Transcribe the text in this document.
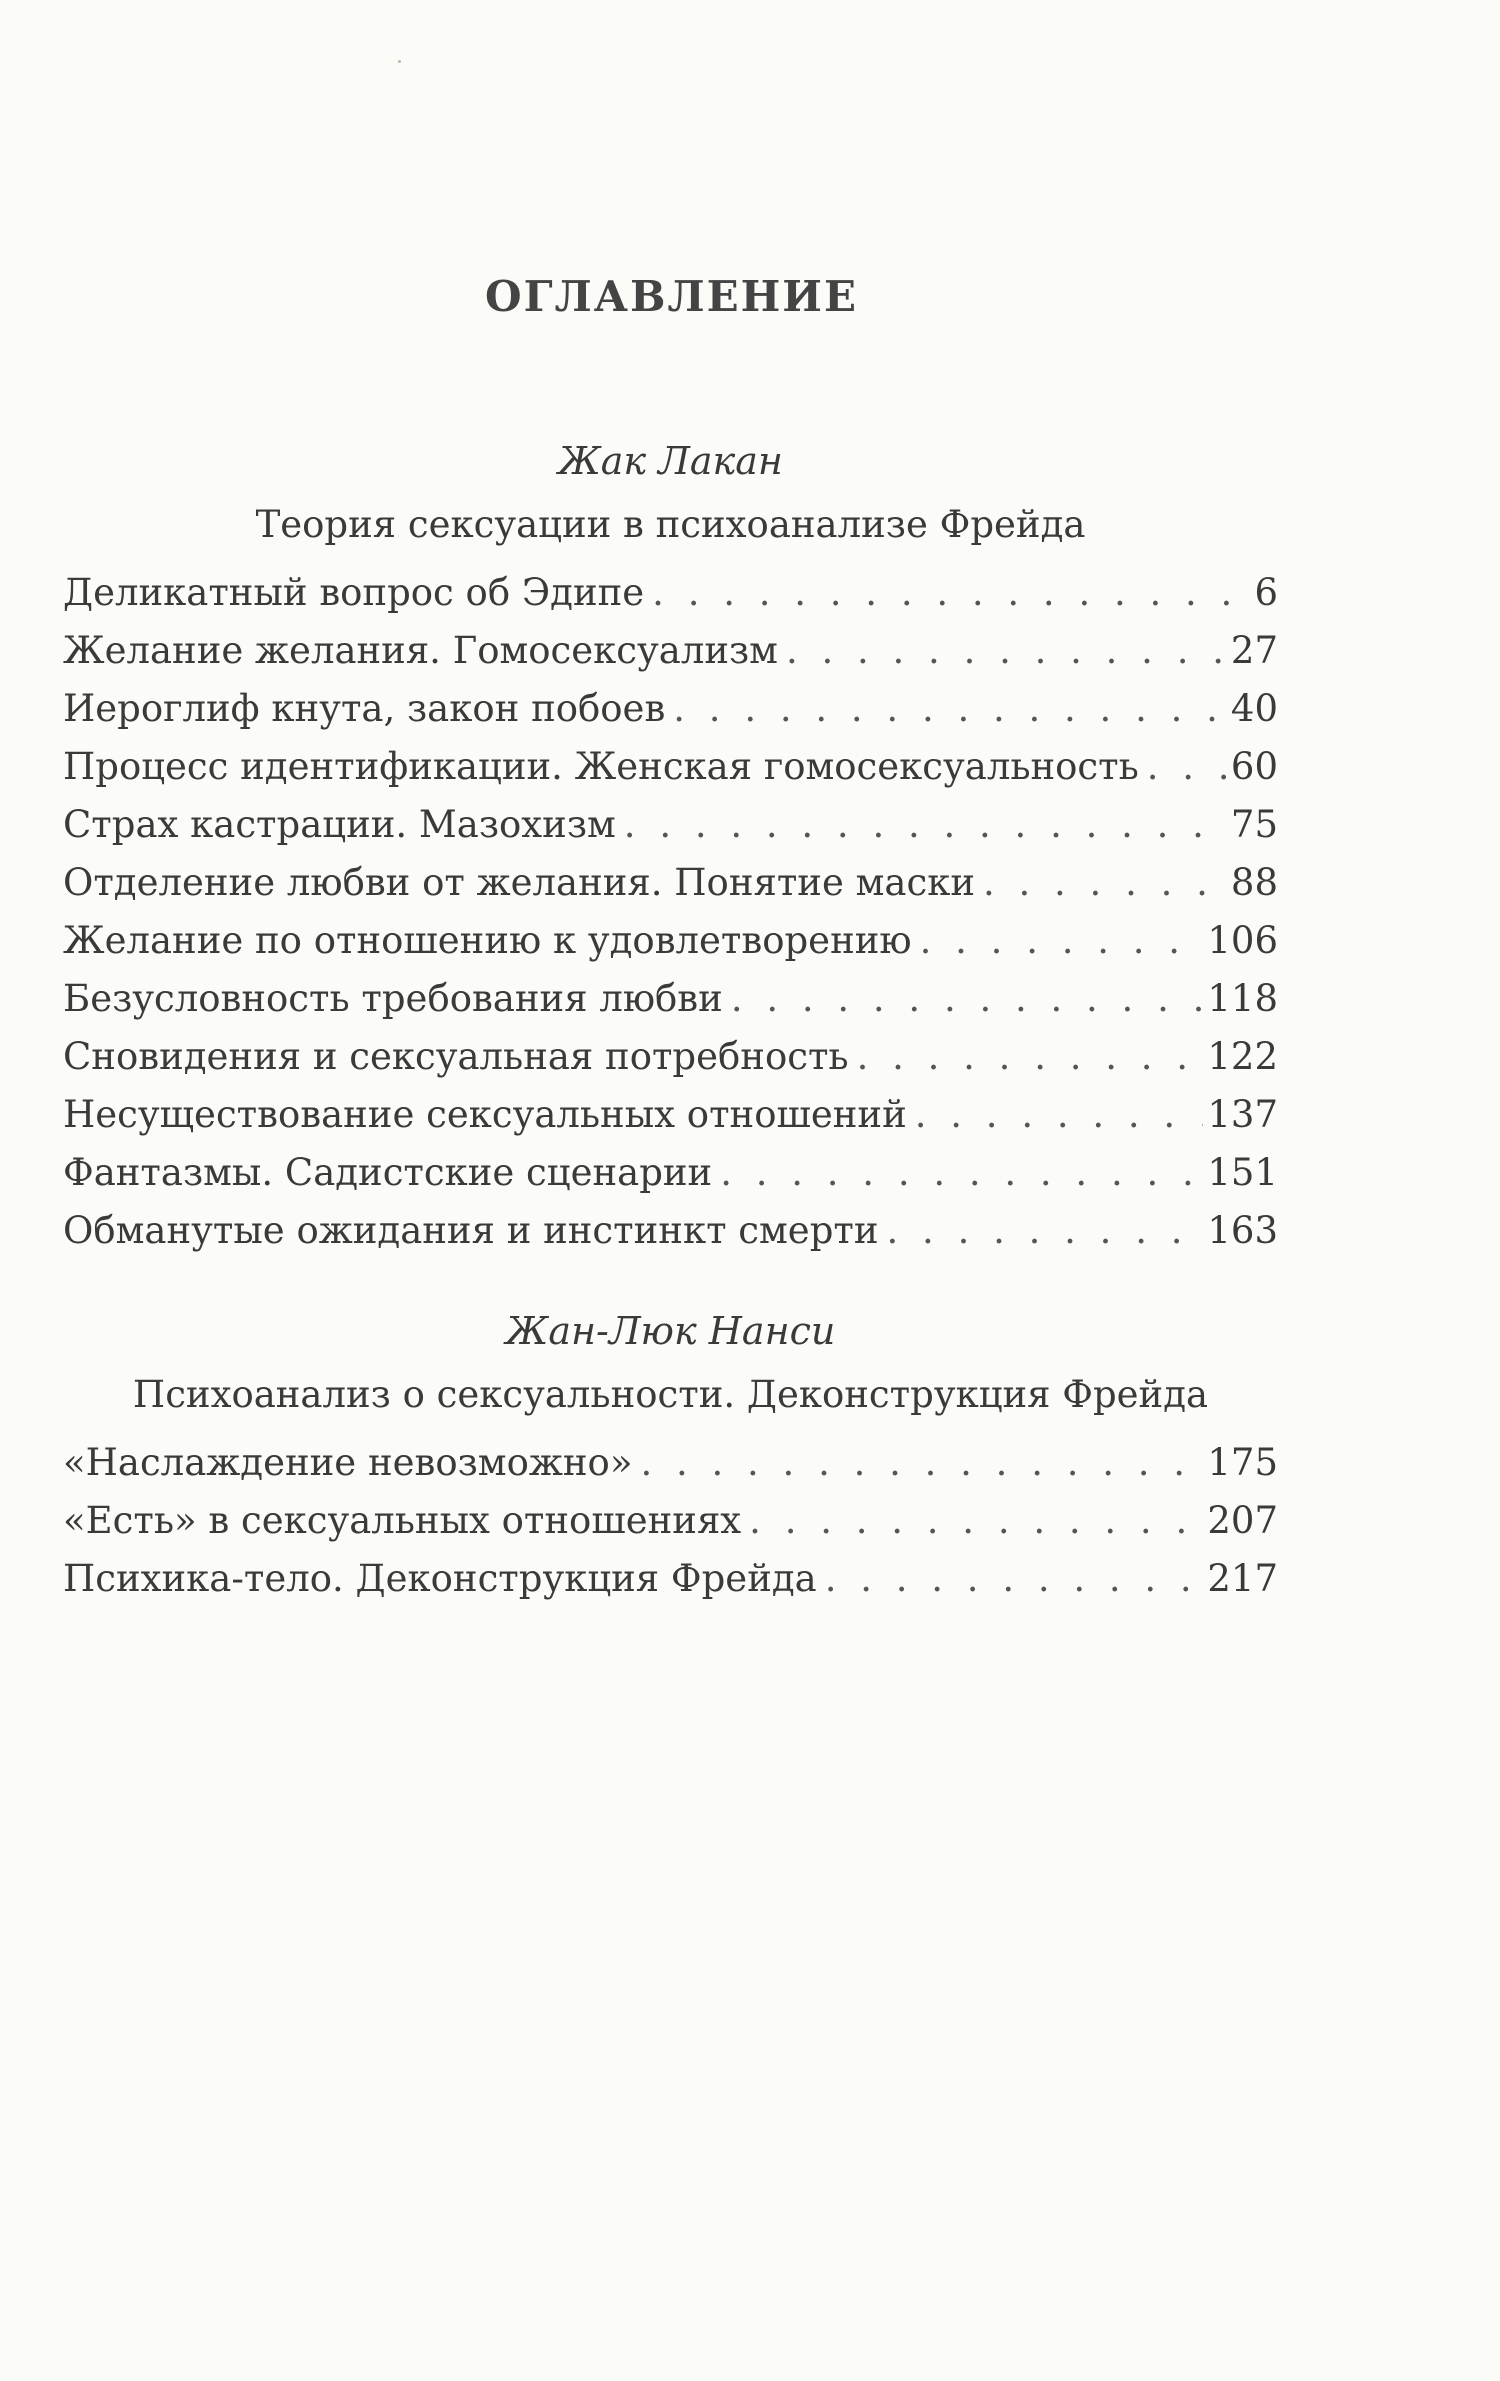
ОГЛАВЛЕНИЕ
Жак Лакан
Теория сексуации в психоанализе Фрейда
Деликатный вопрос об Эдипе . . .	6
Желание желания. Гомосексуализм . . .	27
Иероглиф кнута, закон побоев . . .	40
Процесс идентификации. Женская гомосексуальность . . . 60
Страх кастрации. Мазохизм . . .	75
Отделение любви от желания. Понятие маски . . .	88
Желание по отношению к удовлетворению . . .	106
Безусловность требования любви . . .	118
Сновидения и сексуальная потребность . . .	122
Несуществование сексуальных отношений . . .	137
Фантазмы. Садистские сценарии . . .	151
Обманутые ожидания и инстинкт смерти . . .	163
Жан-Люк Нанси
Психоанализ о сексуальности. Деконструкция Фрейда
«Наслаждение невозможно» . . .	175
«Есть» в сексуальных отношениях . . .	207
Психика-тело. Деконструкция Фрейда . . .	217
